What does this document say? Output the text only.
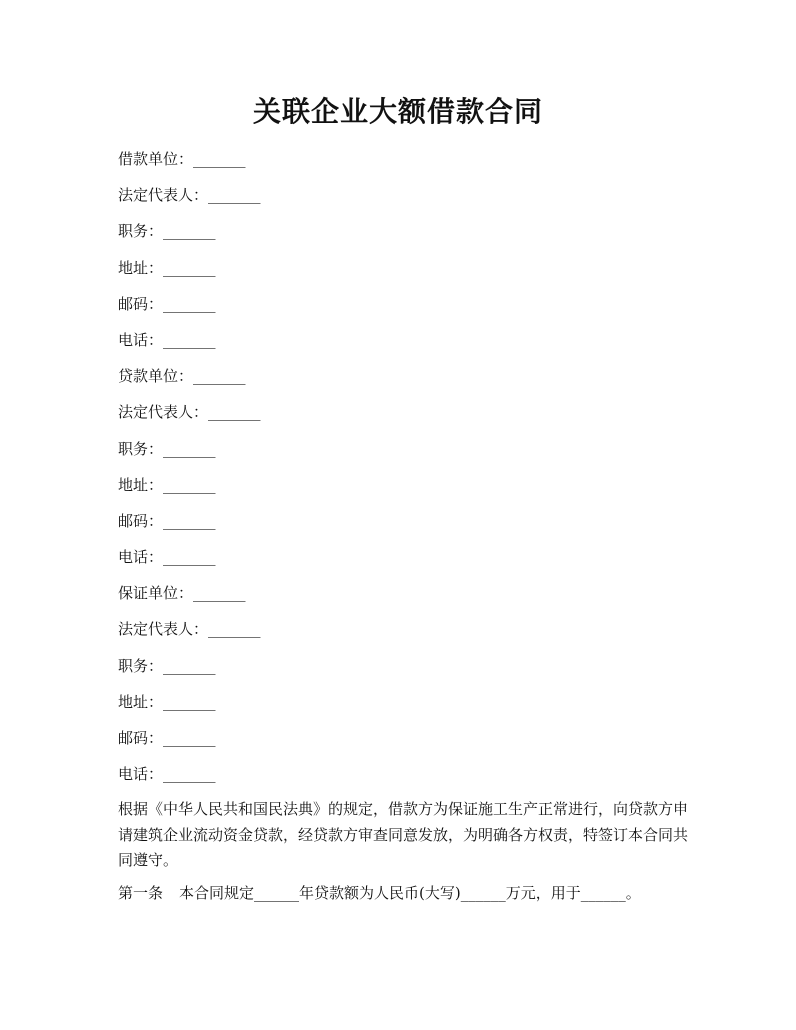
关联企业大额借款合同
借款单位：_______
法定代表人：_______
职务：_______
地址：_______
邮码：_______
电话：_______
贷款单位：_______
法定代表人：_______
职务：_______
地址：_______
邮码：_______
电话：_______
保证单位：_______
法定代表人：_______
职务：_______
地址：_______
邮码：_______
电话：_______
根据《中华人民共和国民法典》的规定，借款方为保证施工生产正常进行，向贷款方申请建筑企业流动资金贷款，经贷款方审查同意发放，为明确各方权责，特签订本合同共同遵守。
第一条 本合同规定______年贷款额为人民币(大写)______万元，用于______。
